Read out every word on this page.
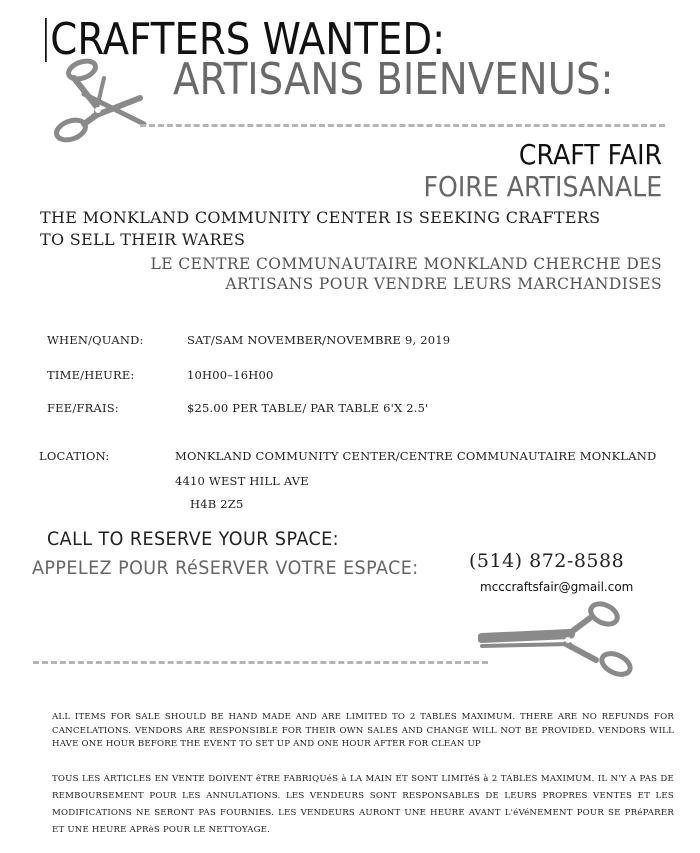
CRAFTERS WANTED:
ARTISANS BIENVENUS:
CRAFT FAIR
FOIRE ARTISANALE
THE MONKLAND COMMUNITY CENTER IS SEEKING CRAFTERS
TO SELL THEIR WARES
LE CENTRE COMMUNAUTAIRE MONKLAND CHERCHE DES
ARTISANS POUR VENDRE LEURS MARCHANDISES
WHEN/QUAND:	SAT/SAM NOVEMBER/NOVEMBRE 9, 2019
TIME/HEURE:	10H00–16H00
FEE/FRAIS:	$25.00 PER TABLE/ PAR TABLE 6'X 2.5'
LOCATION:	MONKLAND COMMUNITY CENTER/CENTRE COMMUNAUTAIRE MONKLAND
4410 WEST HILL AVE
H4B 2Z5
CALL TO RESERVE YOUR SPACE:
APPELEZ POUR RéSERVER VOTRE ESPACE:	(514) 872-8588
mcccraftsfair@gmail.com
ALL ITEMS FOR SALE SHOULD BE HAND MADE AND ARE LIMITED TO 2 TABLES MAXIMUM. THERE ARE NO REFUNDS FOR CANCELATIONS. VENDORS ARE RESPONSIBLE FOR THEIR OWN SALES AND CHANGE WILL NOT BE PROVIDED. VENDORS WILL HAVE ONE HOUR BEFORE THE EVENT TO SET UP AND ONE HOUR AFTER FOR CLEAN UP
TOUS LES ARTICLES EN VENTE DOIVENT êTRE FABRIQUéS à LA MAIN ET SONT LIMITéS à 2 TABLES MAXIMUM. IL N'Y A PAS DE REMBOURSEMENT POUR LES ANNULATIONS. LES VENDEURS SONT RESPONSABLES DE LEURS PROPRES VENTES ET LES MODIFICATIONS NE SERONT PAS FOURNIES. LES VENDEURS AURONT UNE HEURE AVANT L'éVéNEMENT POUR SE PRéPARER ET UNE HEURE APRèS POUR LE NETTOYAGE.
